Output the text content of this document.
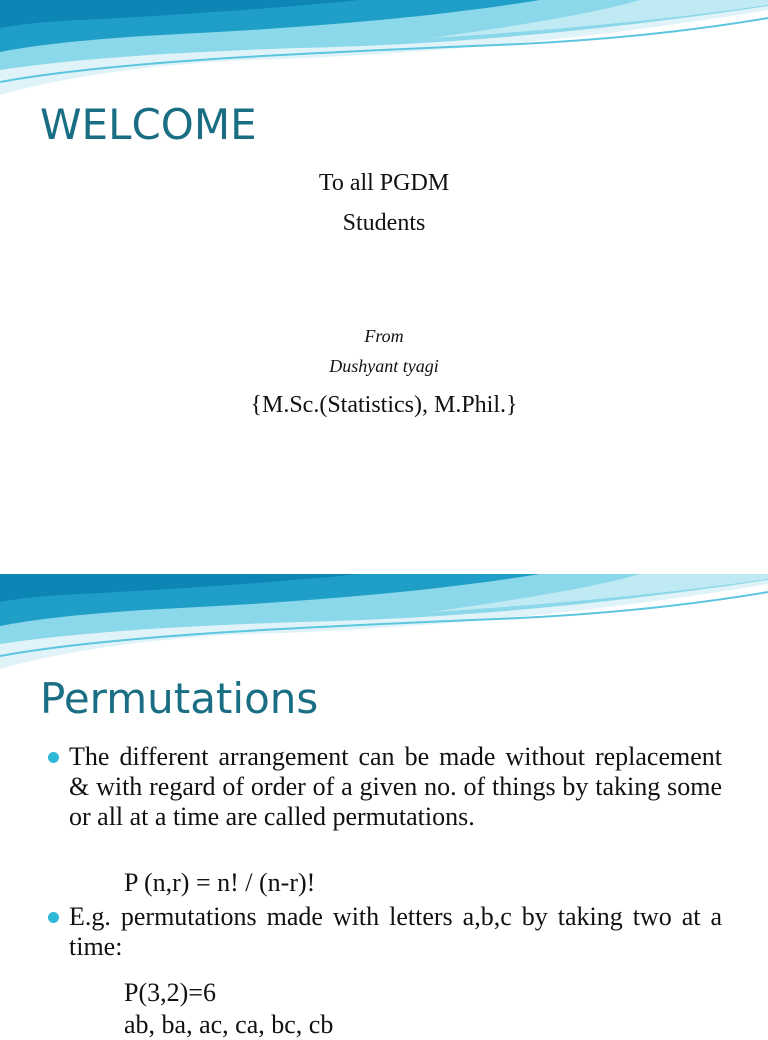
WELCOME
To all PGDM
Students
From
Dushyant tyagi
{M.Sc.(Statistics), M.Phil.}
Permutations
The different arrangement can be made without replacement & with regard of order of a given no. of things by taking some or all at a time are called permutations.
P (n,r) = n! / (n-r)!
E.g. permutations made with letters a,b,c by taking two at a time:
P(3,2)=6
ab, ba, ac, ca, bc, cb
